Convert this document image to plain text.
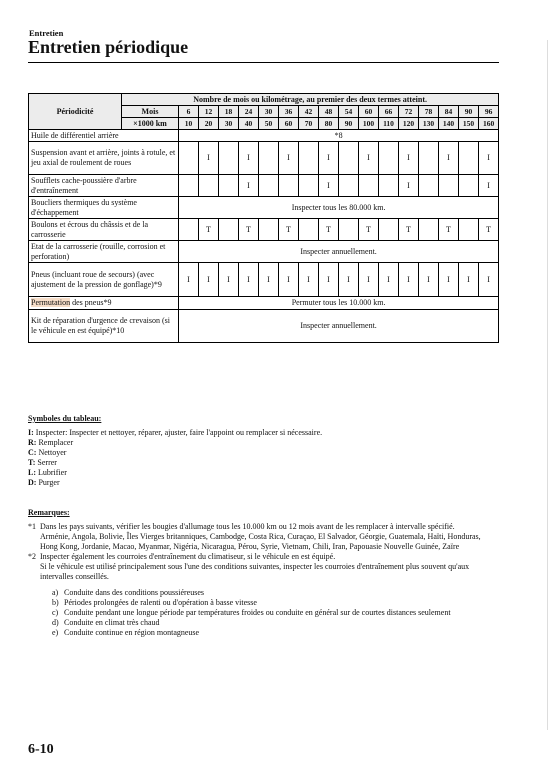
Entretien
Entretien périodique
Périodicité	Nombre de mois ou kilométrage, au premier des deux termes atteint.																
	Mois	6	12	18	24	30	36	42	48	54	60	66	72	78	84	90	96
	×1000 km	10	20	30	40	50	60	70	80	90	100	110	120	130	140	150	160
Huile de différentiel arrière		*8															
Suspension avant et arrière, joints à rotule, et jeu axial de roulement de roues			I		I		I		I		I		I		I		I
Soufflets cache-poussière d'arbre d'entraînement					I				I				I				I
Boucliers thermiques du système d'échappement		Inspecter tous les 80.000 km.															
Boulons et écrous du châssis et de la carrosserie			T		T		T		T		T		T		T		T
Etat de la carrosserie (rouille, corrosion et perforation)		Inspecter annuellement.															
Pneus (incluant roue de secours) (avec ajustement de la pression de gonflage)*9		I	I	I	I	I	I	I	I	I	I	I	I	I	I	I	I
Permutation des pneus*9		Permuter tous les 10.000 km.															
Kit de réparation d'urgence de crevaison (si le véhicule en est équipé)*10		Inspecter annuellement.															
Symboles du tableau:
I: Inspecter: Inspecter et nettoyer, réparer, ajuster, faire l'appoint ou remplacer si nécessaire.
R: Remplacer
C: Nettoyer
T: Serrer
L: Lubrifier
D: Purger
Remarques:
*1 Dans les pays suivants, vérifier les bougies d'allumage tous les 10.000 km ou 12 mois avant de les remplacer à intervalle spécifié.
Arménie, Angola, Bolivie, Îles Vierges britanniques, Cambodge, Costa Rica, Curaçao, El Salvador, Géorgie, Guatemala, Haïti, Honduras, Hong Kong, Jordanie, Macao, Myanmar, Nigéria, Nicaragua, Pérou, Syrie, Vietnam, Chili, Iran, Papouasie Nouvelle Guinée, Zaïre
*2 Inspecter également les courroies d'entraînement du climatiseur, si le véhicule en est équipé.
Si le véhicule est utilisé principalement sous l'une des conditions suivantes, inspecter les courroies d'entraînement plus souvent qu'aux intervalles conseillés.
a) Conduite dans des conditions poussiéreuses
b) Périodes prolongées de ralenti ou d'opération à basse vitesse
c) Conduite pendant une longue période par températures froides ou conduite en général sur de courtes distances seulement
d) Conduite en climat très chaud
e) Conduite continue en région montagneuse
6-10
